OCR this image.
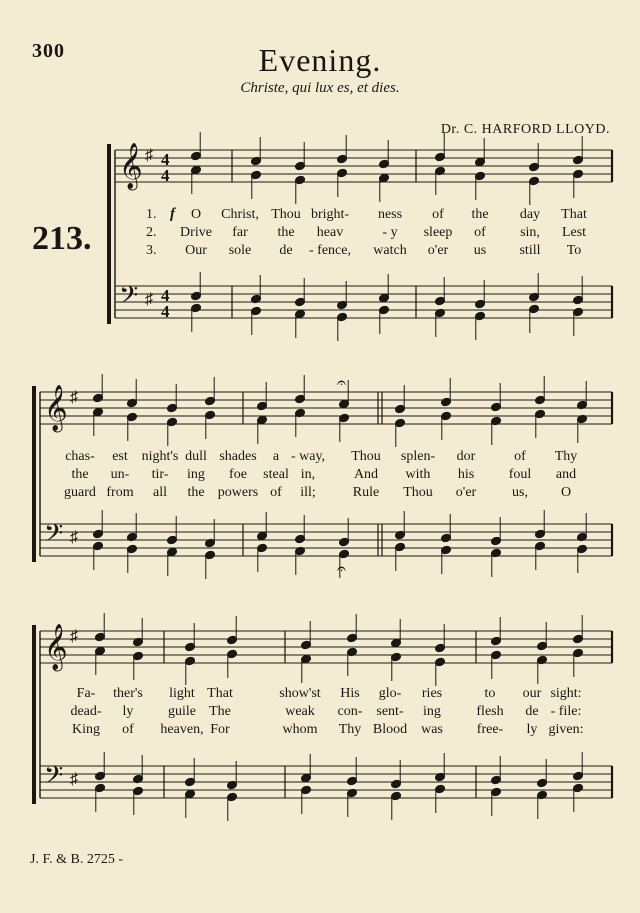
300	Evening.
Christe, qui lux es, et dies.
Dr. C. HARFORD LLOYD.
213.
J. F. & B. 2725 -
𝄞
𝄢
♯
♯
4
4
4
4
𝄞
𝄢
♯
♯
𝄞
𝄢
♯
♯
𝄐
𝄐
O Christ, Thou bright- ness of the day That
Drive far the heav	- y sleep of sin, Lest
Our sole de - fence, watch o'er us still To
chas- est night's dull shades a - way, Thou splen- dor	of Thy
the un- tir- ing foe steal in,	And with his foul and
guard from all the powers of ill;	Rule Thou o'er	us, O
Fa- ther's light That	show'st His glo- ries	to our sight:
dead- ly guile The	weak con- sent- ing	flesh de - file:
King of heaven, For	whom Thy Blood was free- ly given:
1.
2.
3.
f
